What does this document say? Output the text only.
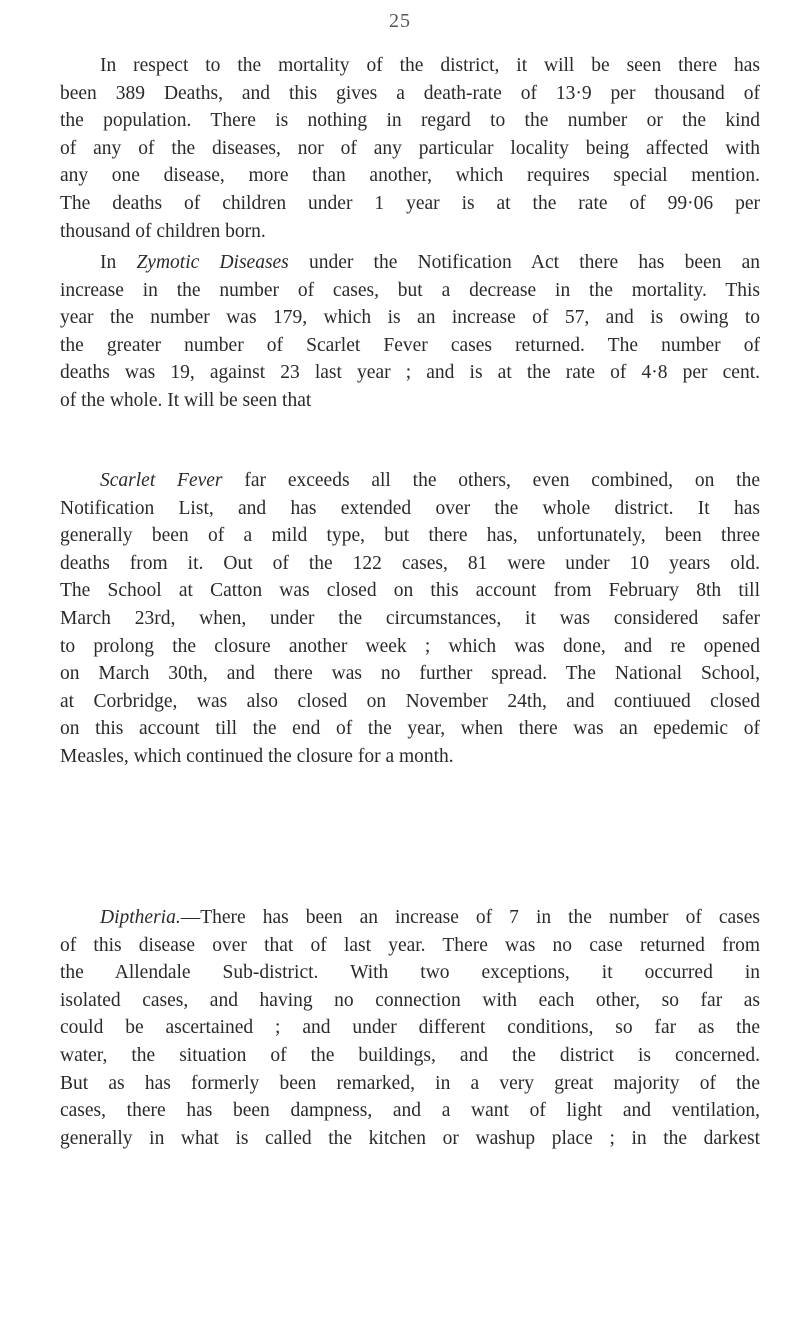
25
In respect to the mortality of the district, it will be seen there has
been 389 Deaths, and this gives a death-rate of 13·9 per thousand of
the population. There is nothing in regard to the number or the kind
of any of the diseases, nor of any particular locality being affected with
any one disease, more than another, which requires special mention.
The deaths of children under 1 year is at the rate of 99·06 per
thousand of children born.
In Zymotic Diseases under the Notification Act there has been an
increase in the number of cases, but a decrease in the mortality. This
year the number was 179, which is an increase of 57, and is owing to
the greater number of Scarlet Fever cases returned. The number of
deaths was 19, against 23 last year ; and is at the rate of 4·8 per cent.
of the whole. It will be seen that
Scarlet Fever far exceeds all the others, even combined, on the
Notification List, and has extended over the whole district. It has
generally been of a mild type, but there has, unfortunately, been three
deaths from it. Out of the 122 cases, 81 were under 10 years old.
The School at Catton was closed on this account from February 8th till
March 23rd, when, under the circumstances, it was considered safer
to prolong the closure another week ; which was done, and re opened
on March 30th, and there was no further spread. The National School,
at Corbridge, was also closed on November 24th, and contiuued closed
on this account till the end of the year, when there was an epedemic of
Measles, which continued the closure for a month.
Diptheria.—There has been an increase of 7 in the number of cases
of this disease over that of last year. There was no case returned from
the Allendale Sub-district. With two exceptions, it occurred in
isolated cases, and having no connection with each other, so far as
could be ascertained ; and under different conditions, so far as the
water, the situation of the buildings, and the district is concerned.
But as has formerly been remarked, in a very great majority of the
cases, there has been dampness, and a want of light and ventilation,
generally in what is called the kitchen or washup place ; in the darkest
